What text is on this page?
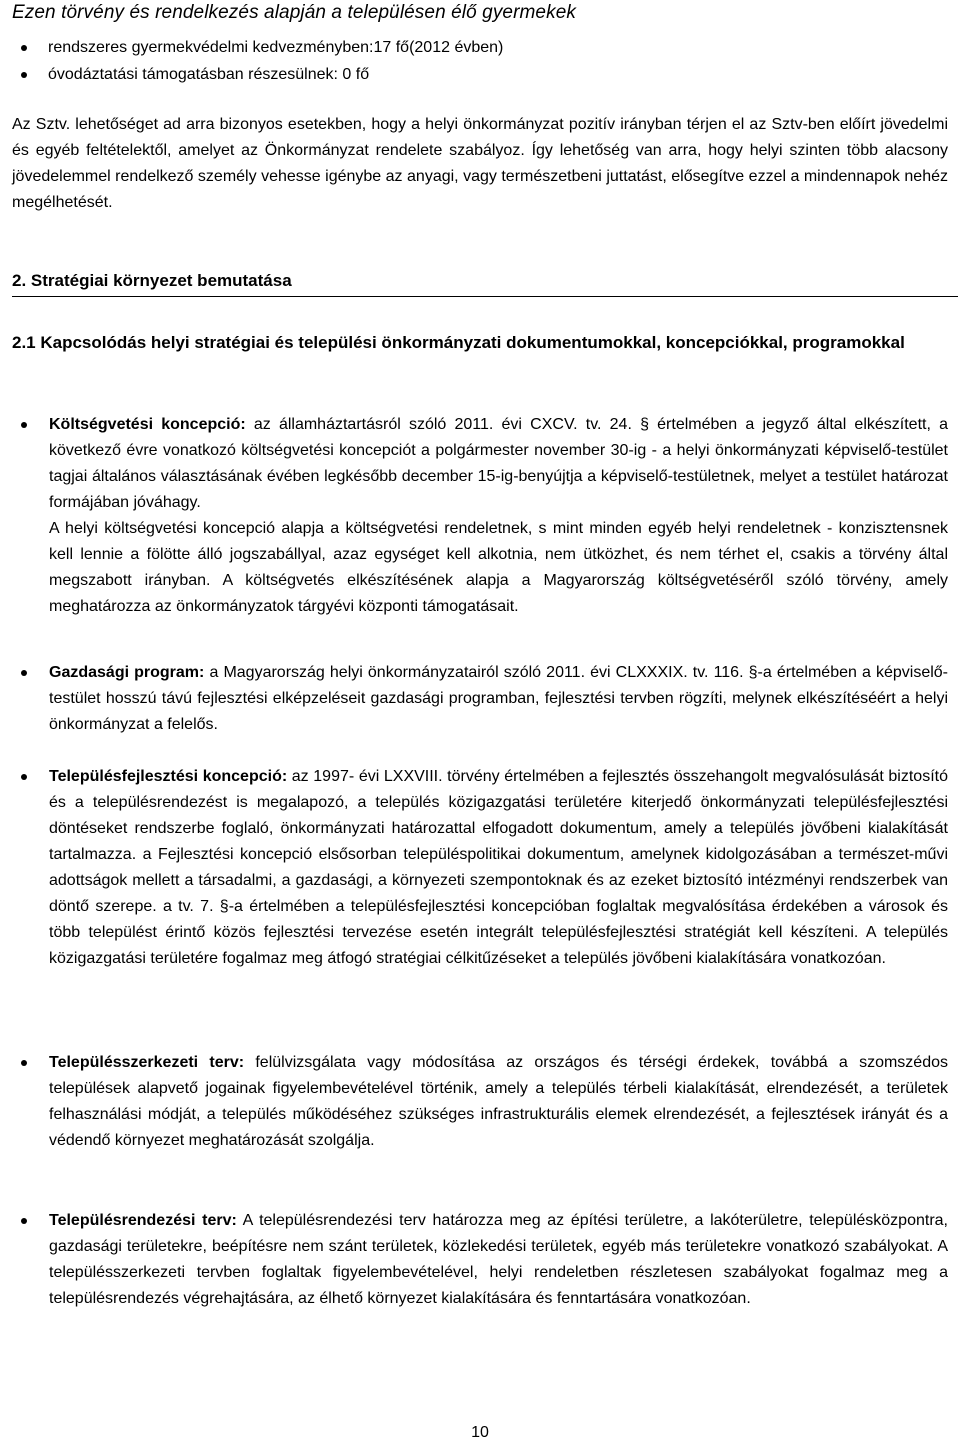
Ezen törvény és rendelkezés alapján a településen élő gyermekek
rendszeres gyermekvédelmi kedvezményben:17 fő(2012 évben)
óvodáztatási támogatásban részesülnek: 0 fő
Az Sztv. lehetőséget ad arra bizonyos esetekben, hogy a helyi önkormányzat pozitív irányban térjen el az Sztv-ben előírt jövedelmi és egyéb feltételektől, amelyet az Önkormányzat rendelete szabályoz. Így lehetőség van arra, hogy helyi szinten több alacsony jövedelemmel rendelkező személy vehesse igénybe az anyagi, vagy természetbeni juttatást, elősegítve ezzel a mindennapok nehéz megélhetését.
2. Stratégiai környezet bemutatása
2.1 Kapcsolódás helyi stratégiai és települési önkormányzati dokumentumokkal, koncepciókkal, programokkal
Költségvetési koncepció: az államháztartásról szóló 2011. évi CXCV. tv. 24. § értelmében a jegyző által elkészített, a következő évre vonatkozó költségvetési koncepciót a polgármester november 30-ig - a helyi önkormányzati képviselő-testület tagjai általános választásának évében legkésőbb december 15-ig-benyújtja a képviselő-testületnek, melyet a testület határozat formájában jóváhagy.
A helyi költségvetési koncepció alapja a költségvetési rendeletnek, s mint minden egyéb helyi rendeletnek - konzisztensnek kell lennie a fölötte álló jogszabállyal, azaz egységet kell alkotnia, nem ütközhet, és nem térhet el, csakis a törvény által megszabott irányban. A költségvetés elkészítésének alapja a Magyarország költségvetéséről szóló törvény, amely meghatározza az önkormányzatok tárgyévi központi támogatásait.
Gazdasági program: a Magyarország helyi önkormányzatairól szóló 2011. évi CLXXXIX. tv. 116. §-a értelmében a képviselő-testület hosszú távú fejlesztési elképzeléseit gazdasági programban, fejlesztési tervben rögzíti, melynek elkészítéséért a helyi önkormányzat a felelős.
Településfejlesztési koncepció: az 1997- évi LXXVIII. törvény értelmében a fejlesztés összehangolt megvalósulását biztosító és a településrendezést is megalapozó, a település közigazgatási területére kiterjedő önkormányzati településfejlesztési döntéseket rendszerbe foglaló, önkormányzati határozattal elfogadott dokumentum, amely a település jövőbeni kialakítását tartalmazza. a Fejlesztési koncepció elsősorban településpolitikai dokumentum, amelynek kidolgozásában a természet-művi adottságok mellett a társadalmi, a gazdasági, a környezeti szempontoknak és az ezeket biztosító intézményi rendszerbek van döntő szerepe. a tv. 7. §-a értelmében a településfejlesztési koncepcióban foglaltak megvalósítása érdekében a városok és több települést érintő közös fejlesztési tervezése esetén integrált településfejlesztési stratégiát kell készíteni. A település közigazgatási területére fogalmaz meg átfogó stratégiai célkitűzéseket a település jövőbeni kialakítására vonatkozóan.
Településszerkezeti terv: felülvizsgálata vagy módosítása az országos és térségi érdekek, továbbá a szomszédos települések alapvető jogainak figyelembevételével történik, amely a település térbeli kialakítását, elrendezését, a területek felhasználási módját, a település működéséhez szükséges infrastrukturális elemek elrendezését, a fejlesztések irányát és a védendő környezet meghatározását szolgálja.
Településrendezési terv: A településrendezési terv határozza meg az építési területre, a lakóterületre, településközpontra, gazdasági területekre, beépítésre nem szánt területek, közlekedési területek, egyéb más területekre vonatkozó szabályokat. A településszerkezeti tervben foglaltak figyelembevételével, helyi rendeletben részletesen szabályokat fogalmaz meg a településrendezés végrehajtására, az élhető környezet kialakítására és fenntartására vonatkozóan.
10
